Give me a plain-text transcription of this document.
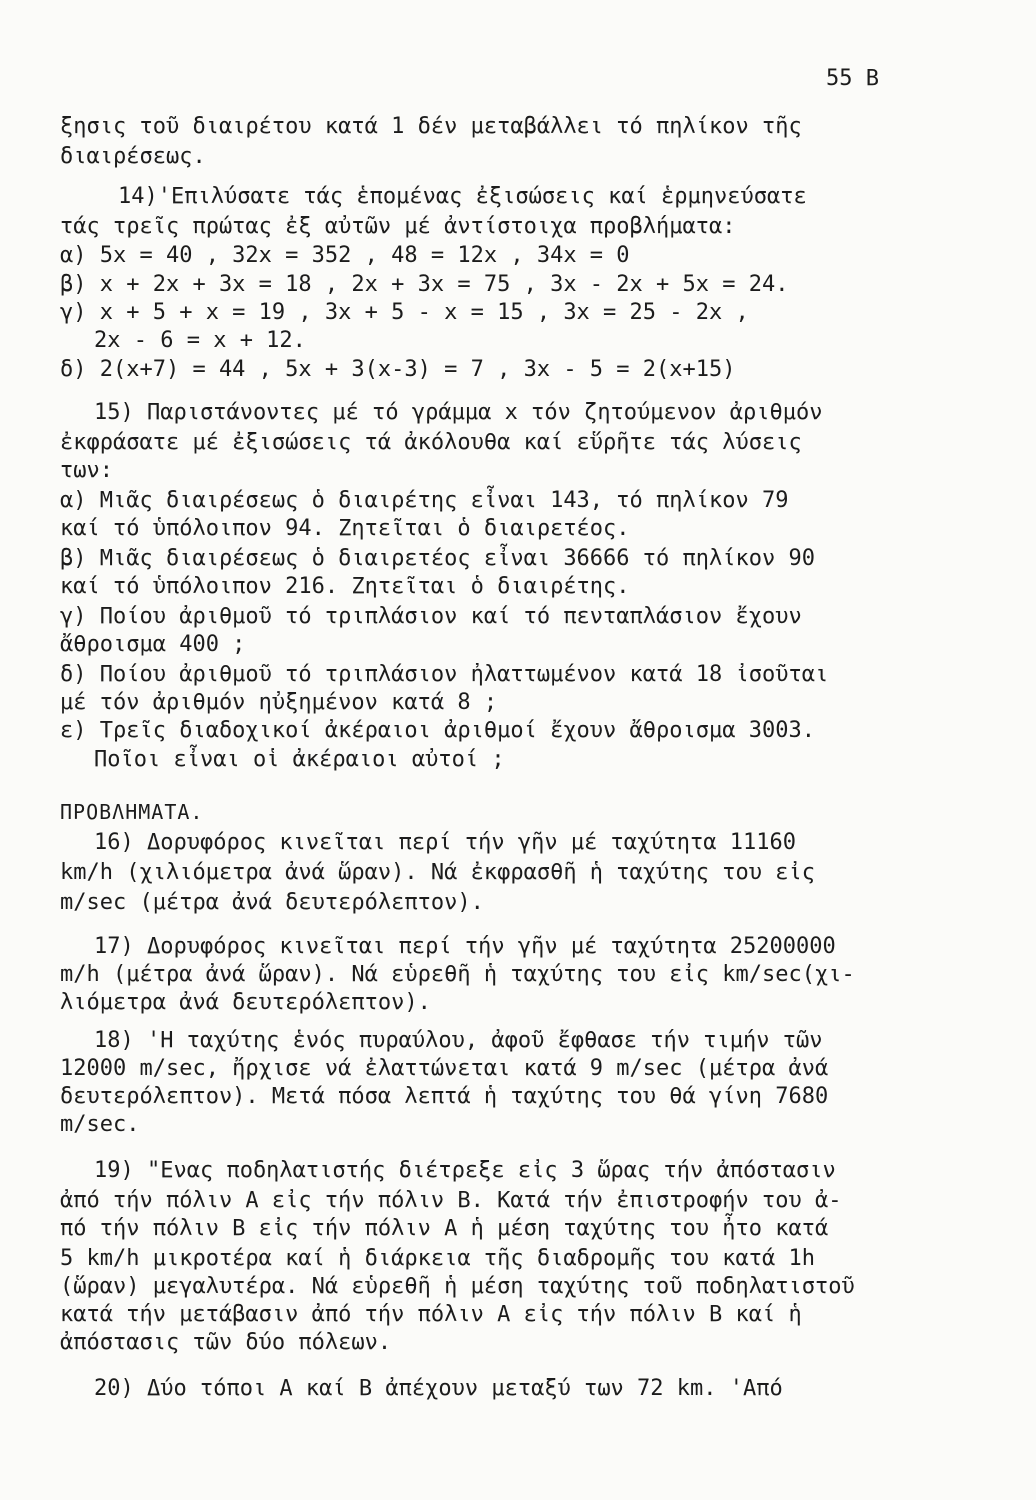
55 Β
ξησις τοῦ διαιρέτου κατά 1 δέν μεταβάλλει τό πηλίκον τῆς
διαιρέσεως.
14)'Επιλύσατε τάς ἑπομένας ἐξισώσεις καί ἑρμηνεύσατε
τάς τρεῖς πρώτας ἐξ αὐτῶν μέ ἀντίστοιχα προβλήματα:
α) 5x = 40 , 32x = 352 , 48 = 12x , 34x = 0
β) x + 2x + 3x = 18 , 2x + 3x = 75 , 3x - 2x + 5x = 24.
γ) x + 5 + x = 19 , 3x + 5 - x = 15 , 3x = 25 - 2x ,
2x - 6 = x + 12.
δ) 2(x+7) = 44 , 5x + 3(x-3) = 7 , 3x - 5 = 2(x+15)
15) Παριστάνοντες μέ τό γράμμα x τόν ζητούμενον ἀριθμόν
ἐκφράσατε μέ ἐξισώσεις τά ἀκόλουθα καί εὕρῆτε τάς λύσεις
των:
α) Μιᾶς διαιρέσεως ὁ διαιρέτης εἶναι 143, τό πηλίκον 79
καί τό ὑπόλοιπον 94. Ζητεῖται ὁ διαιρετέος.
β) Μιᾶς διαιρέσεως ὁ διαιρετέος εἶναι 36666 τό πηλίκον 90
καί τό ὑπόλοιπον 216. Ζητεῖται ὁ διαιρέτης.
γ) Ποίου ἀριθμοῦ τό τριπλάσιον καί τό πενταπλάσιον ἔχουν
ἄθροισμα 400 ;
δ) Ποίου ἀριθμοῦ τό τριπλάσιον ἠλαττωμένον κατά 18 ἰσοῦται
μέ τόν ἀριθμόν ηὐξημένον κατά 8 ;
ε) Τρεῖς διαδοχικοί ἀκέραιοι ἀριθμοί ἔχουν ἄθροισμα 3003.
Ποῖοι εἶναι οἱ ἀκέραιοι αὐτοί ;
ΠΡΟΒΛΗΜΑΤΑ.
16) Δορυφόρος κινεῖται περί τήν γῆν μέ ταχύτητα 11160
km/h (χιλιόμετρα ἀνά ὥραν). Νά ἐκφρασθῆ ἡ ταχύτης του εἰς
m/sec (μέτρα ἀνά δευτερόλεπτον).
17) Δορυφόρος κινεῖται περί τήν γῆν μέ ταχύτητα 25200000
m/h (μέτρα ἀνά ὥραν). Νά εὑρεθῆ ἡ ταχύτης του εἰς km/sec(χι-
λιόμετρα ἀνά δευτερόλεπτον).
18) 'Η ταχύτης ἑνός πυραύλου, ἀφοῦ ἔφθασε τήν τιμήν τῶν
12000 m/sec, ἤρχισε νά ἐλαττώνεται κατά 9 m/sec (μέτρα ἀνά
δευτερόλεπτον). Μετά πόσα λεπτά ἡ ταχύτης του θά γίνη 7680
m/sec.
19) "Ενας ποδηλατιστής διέτρεξε εἰς 3 ὥρας τήν ἀπόστασιν
ἀπό τήν πόλιν Α εἰς τήν πόλιν Β. Κατά τήν ἐπιστροφήν του ἀ-
πό τήν πόλιν Β εἰς τήν πόλιν Α ἡ μέση ταχύτης του ἦτο κατά
5 km/h μικροτέρα καί ἡ διάρκεια τῆς διαδρομῆς του κατά 1h
(ὥραν) μεγαλυτέρα. Νά εὑρεθῆ ἡ μέση ταχύτης τοῦ ποδηλατιστοῦ
κατά τήν μετάβασιν ἀπό τήν πόλιν Α εἰς τήν πόλιν Β καί ἡ
ἀπόστασις τῶν δύο πόλεων.
20) Δύο τόποι Α καί Β ἀπέχουν μεταξύ των 72 km. 'Από
